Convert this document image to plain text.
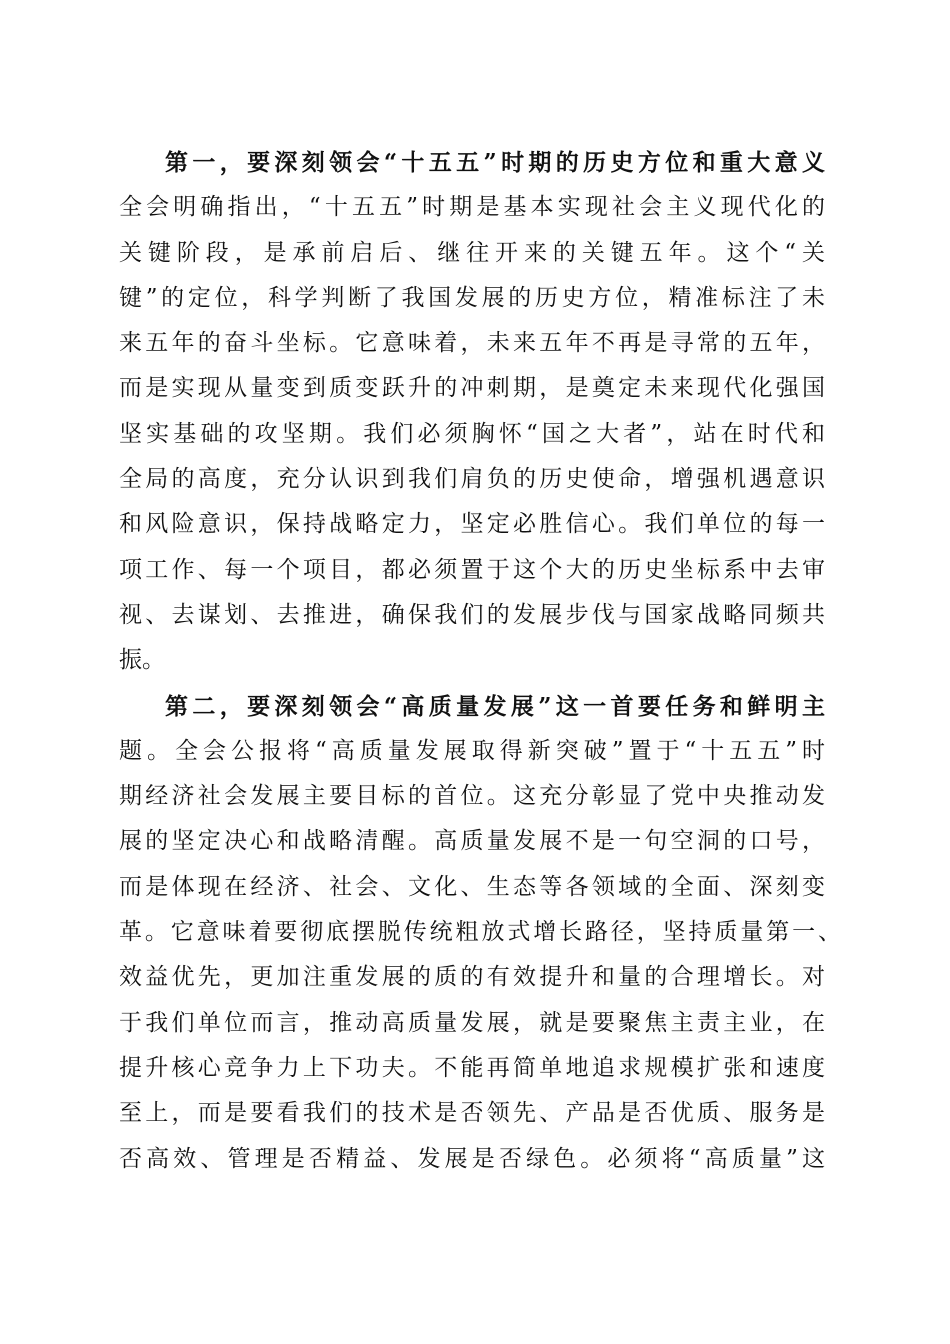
第一，要深刻领会“十五五”时期的历史方位和重大意义
全会明确指出，“十五五”时期是基本实现社会主义现代化的
关键阶段，是承前启后、继往开来的关键五年。这个“关
键”的定位，科学判断了我国发展的历史方位，精准标注了未
来五年的奋斗坐标。它意味着，未来五年不再是寻常的五年，
而是实现从量变到质变跃升的冲刺期，是奠定未来现代化强国
坚实基础的攻坚期。我们必须胸怀“国之大者”，站在时代和
全局的高度，充分认识到我们肩负的历史使命，增强机遇意识
和风险意识，保持战略定力，坚定必胜信心。我们单位的每一
项工作、每一个项目，都必须置于这个大的历史坐标系中去审
视、去谋划、去推进，确保我们的发展步伐与国家战略同频共
振。
第二，要深刻领会“高质量发展”这一首要任务和鲜明主
题。全会公报将“高质量发展取得新突破”置于“十五五”时
期经济社会发展主要目标的首位。这充分彰显了党中央推动发
展的坚定决心和战略清醒。高质量发展不是一句空洞的口号，
而是体现在经济、社会、文化、生态等各领域的全面、深刻变
革。它意味着要彻底摆脱传统粗放式增长路径，坚持质量第一、
效益优先，更加注重发展的质的有效提升和量的合理增长。对
于我们单位而言，推动高质量发展，就是要聚焦主责主业，在
提升核心竞争力上下功夫。不能再简单地追求规模扩张和速度
至上，而是要看我们的技术是否领先、产品是否优质、服务是
否高效、管理是否精益、发展是否绿色。必须将“高质量”这
